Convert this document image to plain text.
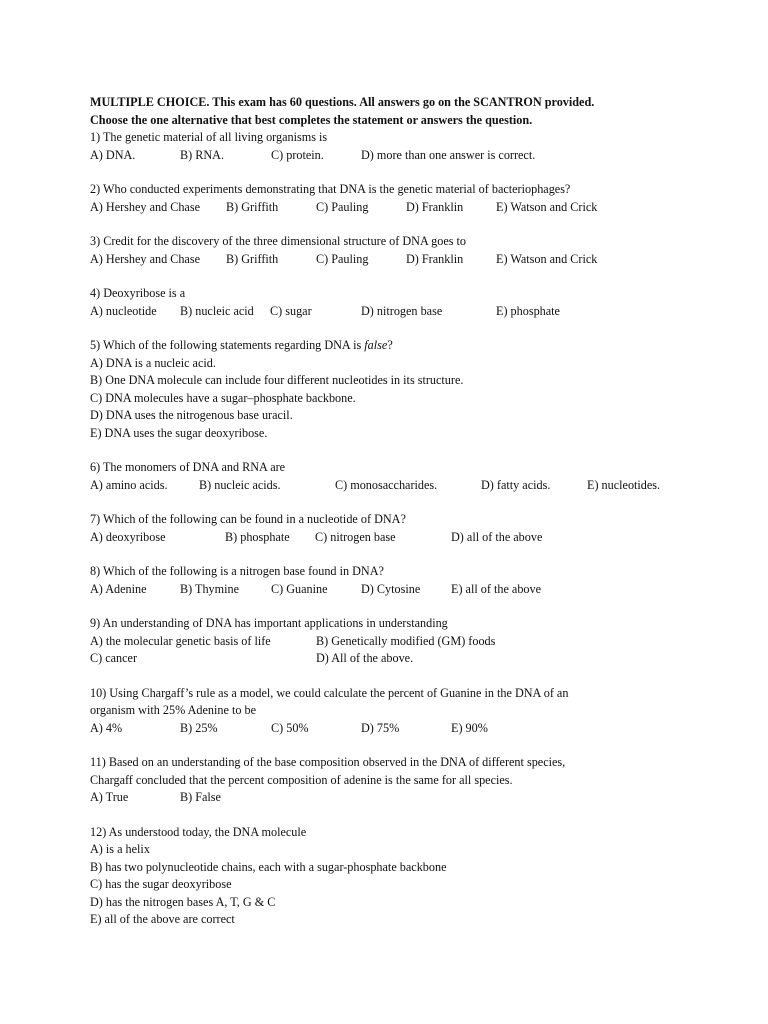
MULTIPLE CHOICE. This exam has 60 questions. All answers go on the SCANTRON provided.
Choose the one alternative that best completes the statement or answers the question.
1) The genetic material of all living organisms is
A) DNA.	B) RNA.	C) protein.	D) more than one answer is correct.
2) Who conducted experiments demonstrating that DNA is the genetic material of bacteriophages?
A) Hershey and Chase	B) Griffith	C) Pauling	D) Franklin	E) Watson and Crick
3) Credit for the discovery of the three dimensional structure of DNA goes to
A) Hershey and Chase	B) Griffith	C) Pauling	D) Franklin	E) Watson and Crick
4) Deoxyribose is a
A) nucleotide	B) nucleic acid	C) sugar	D) nitrogen base	E) phosphate
5) Which of the following statements regarding DNA is false?
A) DNA is a nucleic acid.
B) One DNA molecule can include four different nucleotides in its structure.
C) DNA molecules have a sugar–phosphate backbone.
D) DNA uses the nitrogenous base uracil.
E) DNA uses the sugar deoxyribose.
6) The monomers of DNA and RNA are
A) amino acids.	B) nucleic acids.	C) monosaccharides.	D) fatty acids.	E) nucleotides.
7) Which of the following can be found in a nucleotide of DNA?
A) deoxyribose	B) phosphate	C) nitrogen base	D) all of the above
8) Which of the following is a nitrogen base found in DNA?
A) Adenine	B) Thymine	C) Guanine	D) Cytosine	E) all of the above
9) An understanding of DNA has important applications in understanding
A) the molecular genetic basis of life	B) Genetically modified (GM) foods
C) cancer	D) All of the above.
10) Using Chargaff’s rule as a model, we could calculate the percent of Guanine in the DNA of an
organism with 25% Adenine to be
A) 4%	B) 25%	C) 50%	D) 75%	E) 90%
11) Based on an understanding of the base composition observed in the DNA of different species,
Chargaff concluded that the percent composition of adenine is the same for all species.
A) True	B) False
12) As understood today, the DNA molecule
A) is a helix
B) has two polynucleotide chains, each with a sugar-phosphate backbone
C) has the sugar deoxyribose
D) has the nitrogen bases A, T, G & C
E) all of the above are correct
